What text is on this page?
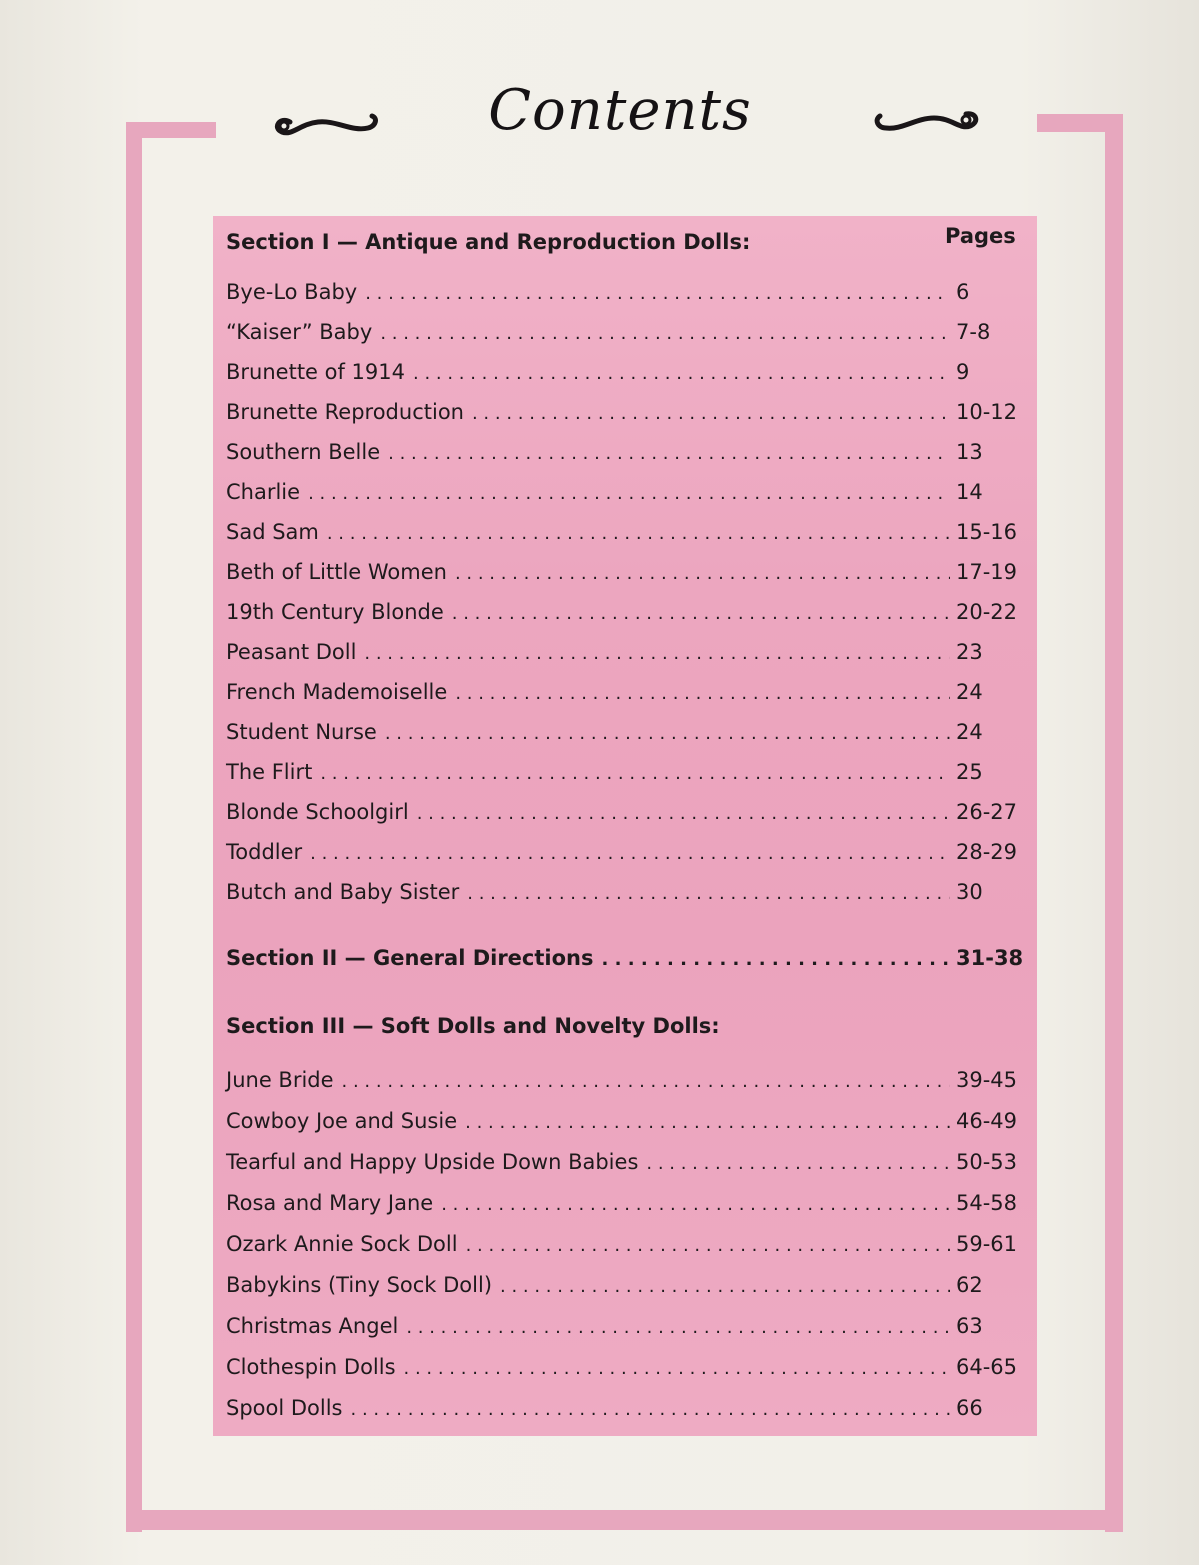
Contents
Section I — Antique and Reproduction Dolls:	Pages
Bye-Lo Baby . . .	6
“Kaiser” Baby . . .	7-8
Brunette of 1914 . . .	9
Brunette Reproduction . . .	10-12
Southern Belle . . .	13
Charlie . . .	14
Sad Sam . . .	15-16
Beth of Little Women . . .	17-19
19th Century Blonde . . .	20-22
Peasant Doll . . .	23
French Mademoiselle . . .	24
Student Nurse . . .	24
The Flirt . . .	25
Blonde Schoolgirl . . .	26-27
Toddler . . .	28-29
Butch and Baby Sister . . .	30
Section II — General Directions . . .	31-38
Section III — Soft Dolls and Novelty Dolls:
June Bride . . .	39-45
Cowboy Joe and Susie . . .	46-49
Tearful and Happy Upside Down Babies . . .	50-53
Rosa and Mary Jane . . .	54-58
Ozark Annie Sock Doll . . .	59-61
Babykins (Tiny Sock Doll) . . .	62
Christmas Angel . . .	63
Clothespin Dolls . . .	64-65
Spool Dolls . . .	66
